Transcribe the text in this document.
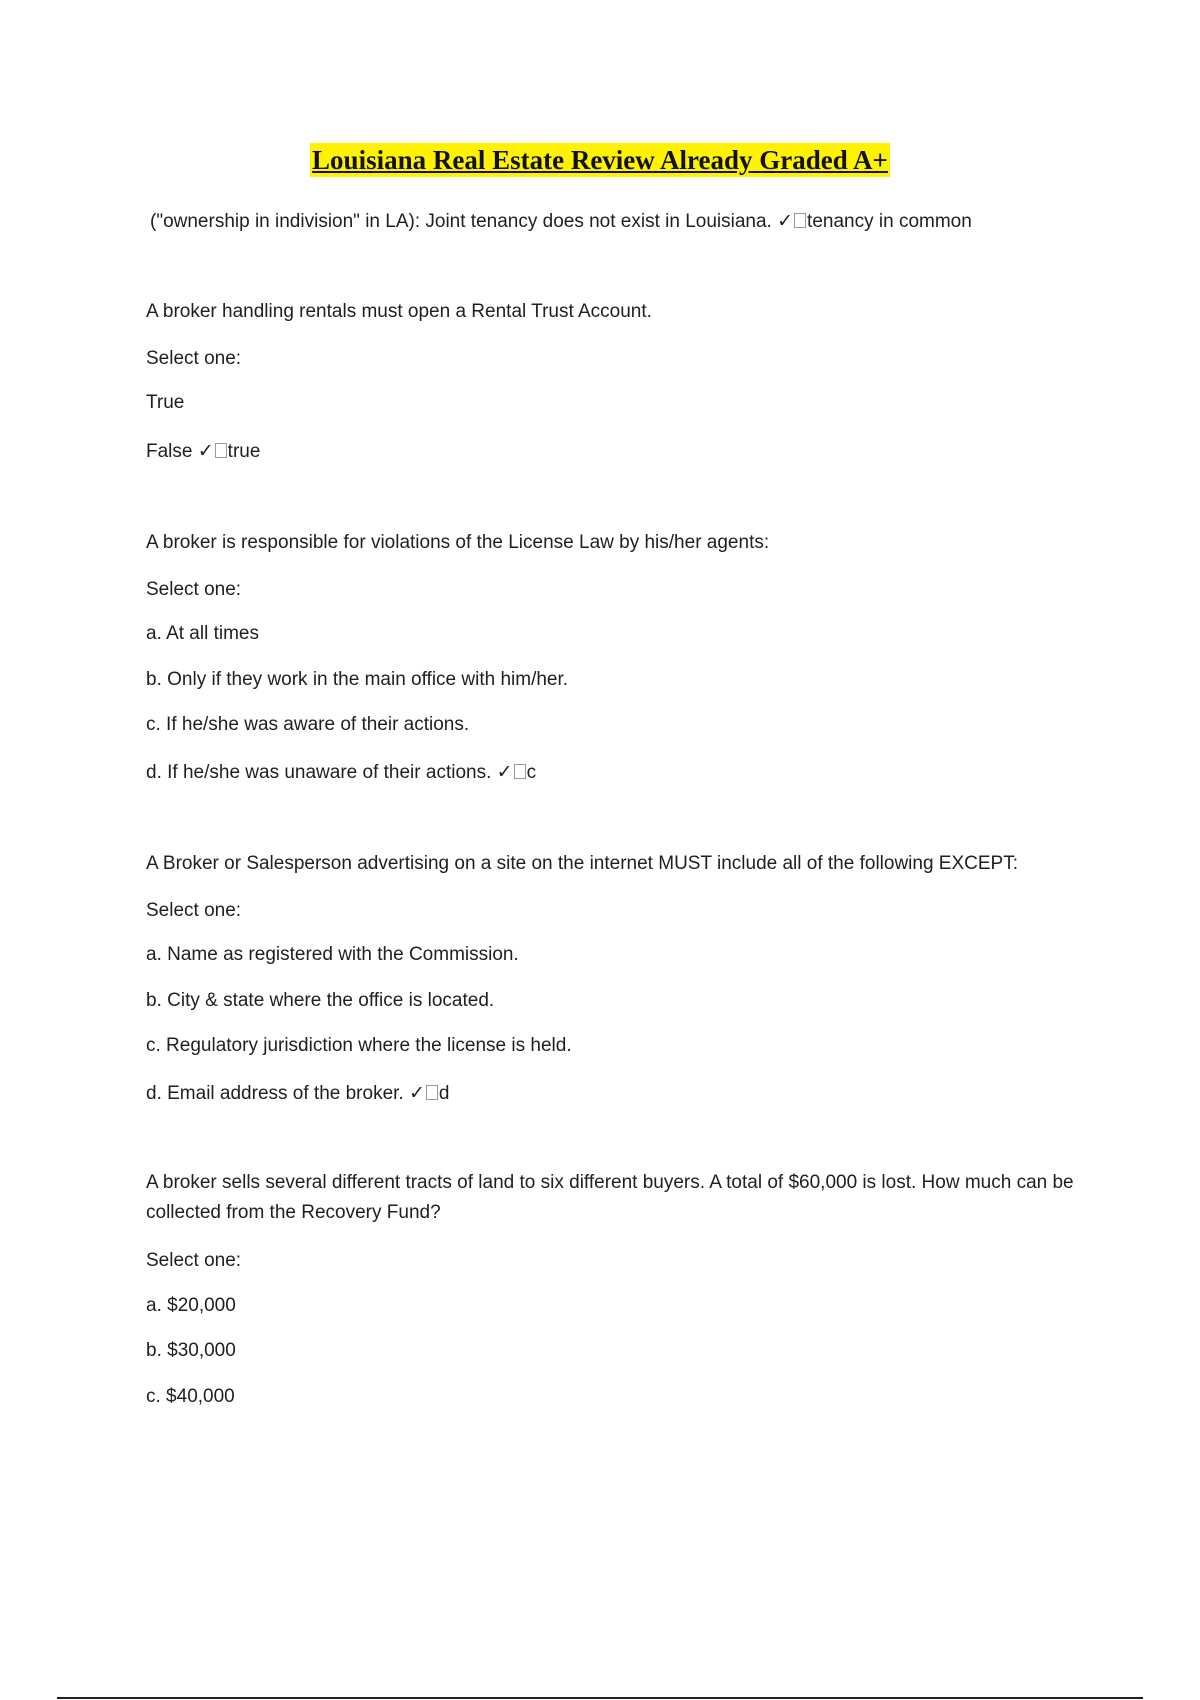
Louisiana Real Estate Review Already Graded A+
("ownership in indivision" in LA): Joint tenancy does not exist in Louisiana. ✓ tenancy in common
A broker handling rentals must open a Rental Trust Account.
Select one:
True
False ✓ true
A broker is responsible for violations of the License Law by his/her agents:
Select one:
a. At all times
b. Only if they work in the main office with him/her.
c. If he/she was aware of their actions.
d. If he/she was unaware of their actions. ✓ c
A Broker or Salesperson advertising on a site on the internet MUST include all of the following EXCEPT:
Select one:
a. Name as registered with the Commission.
b. City & state where the office is located.
c. Regulatory jurisdiction where the license is held.
d. Email address of the broker. ✓ d
A broker sells several different tracts of land to six different buyers. A total of $60,000 is lost. How much can be collected from the Recovery Fund?
Select one:
a. $20,000
b. $30,000
c. $40,000
